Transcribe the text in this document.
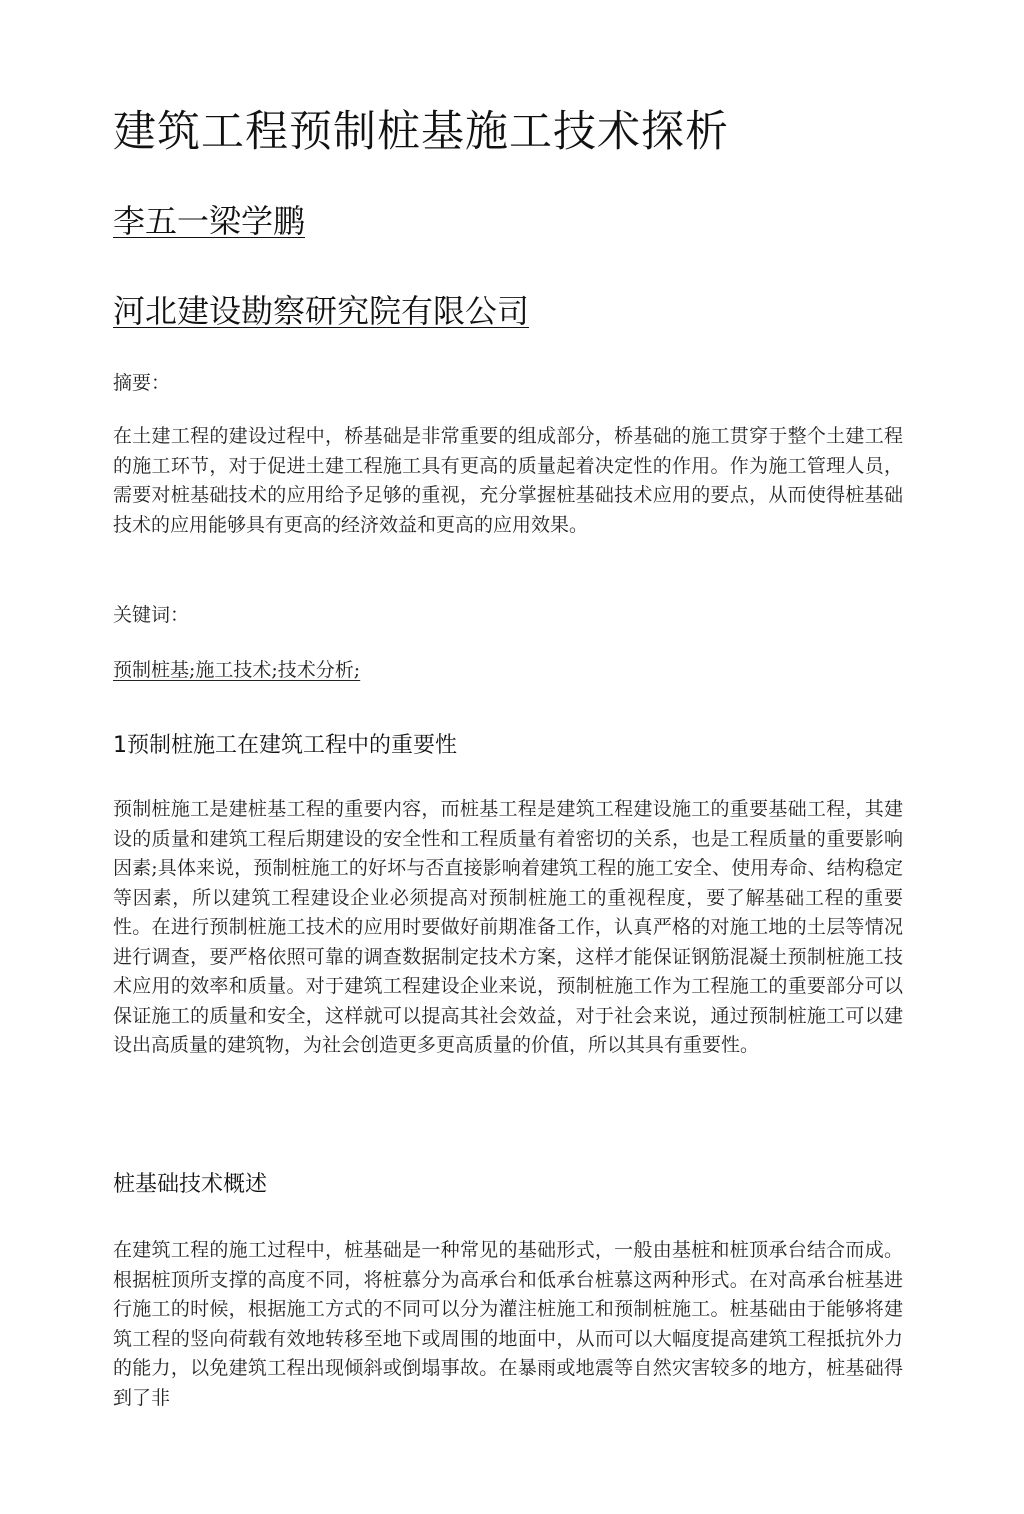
建筑工程预制桩基施工技术探析
李五一梁学鹏
河北建设勘察研究院有限公司

摘要：

在土建工程的建设过程中，桥基础是非常重要的组成部分，桥基础的施工贯穿于整个土建工程的施工环节，对于促进土建工程施工具有更高的质量起着决定性的作用。作为施工管理人员，需要对桩基础技术的应用给予足够的重视，充分掌握桩基础技术应用的要点，从而使得桩基础技术的应用能够具有更高的经济效益和更高的应用效果。

关键词：

预制桩基;施工技术;技术分析;

1预制桩施工在建筑工程中的重要性

预制桩施工是建桩基工程的重要内容，而桩基工程是建筑工程建设施工的重要基础工程，其建设的质量和建筑工程后期建设的安全性和工程质量有着密切的关系，也是工程质量的重要影响因素;具体来说，预制桩施工的好坏与否直接影响着建筑工程的施工安全、使用寿命、结构稳定等因素，所以建筑工程建设企业必须提高对预制桩施工的重视程度，要了解基础工程的重要性。在进行预制桩施工技术的应用时要做好前期准备工作，认真严格的对施工地的土层等情况进行调查，要严格依照可靠的调查数据制定技术方案，这样才能保证钢筋混凝土预制桩施工技术应用的效率和质量。对于建筑工程建设企业来说，预制桩施工作为工程施工的重要部分可以保证施工的质量和安全，这样就可以提高其社会效益，对于社会来说，通过预制桩施工可以建设出高质量的建筑物，为社会创造更多更高质量的价值，所以其具有重要性。

桩基础技术概述

在建筑工程的施工过程中，桩基础是一种常见的基础形式，一般由基桩和桩顶承台结合而成。根据桩顶所支撑的高度不同，将桩慕分为高承台和低承台桩慕这两种形式。在对高承台桩基进行施工的时候，根据施工方式的不同可以分为灌注桩施工和预制桩施工。桩基础由于能够将建筑工程的竖向荷载有效地转移至地下或周围的地面中，从而可以大幅度提高建筑工程抵抗外力的能力，以免建筑工程出现倾斜或倒塌事故。在暴雨或地震等自然灾害较多的地方，桩基础得到了非
